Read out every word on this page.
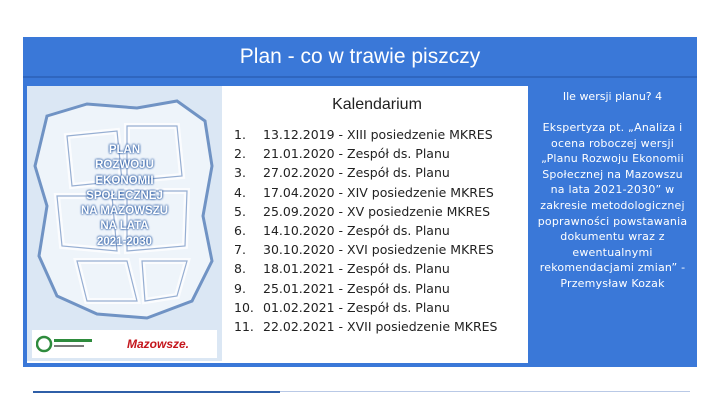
Plan - co w trawie piszczy
PLAN
ROZWOJU
EKONOMII
SPOŁECZNEJ
NA MAZOWSZU
NA LATA
2021-2030
Mazowsze.
Kalendarium
1. 13.12.2019 - XIII posiedzenie MKRES
2. 21.01.2020 - Zespół ds. Planu
3. 27.02.2020 - Zespół ds. Planu
4. 17.04.2020 - XIV posiedzenie MKRES
5. 25.09.2020 - XV posiedzenie MKRES
6. 14.10.2020 - Zespół ds. Planu
7. 30.10.2020 - XVI posiedzenie MKRES
8. 18.01.2021 - Zespół ds. Planu
9. 25.01.2021 - Zespół ds. Planu
10. 01.02.2021 - Zespół ds. Planu
11. 22.02.2021 - XVII posiedzenie MKRES
Ile wersji planu? 4
Ekspertyza pt. „Analiza i ocena roboczej wersji „Planu Rozwoju Ekonomii Społecznej na Mazowszu na lata 2021-2030” w zakresie metodologicznej poprawności powstawania dokumentu wraz z ewentualnymi rekomendacjami zmian” - Przemysław Kozak
